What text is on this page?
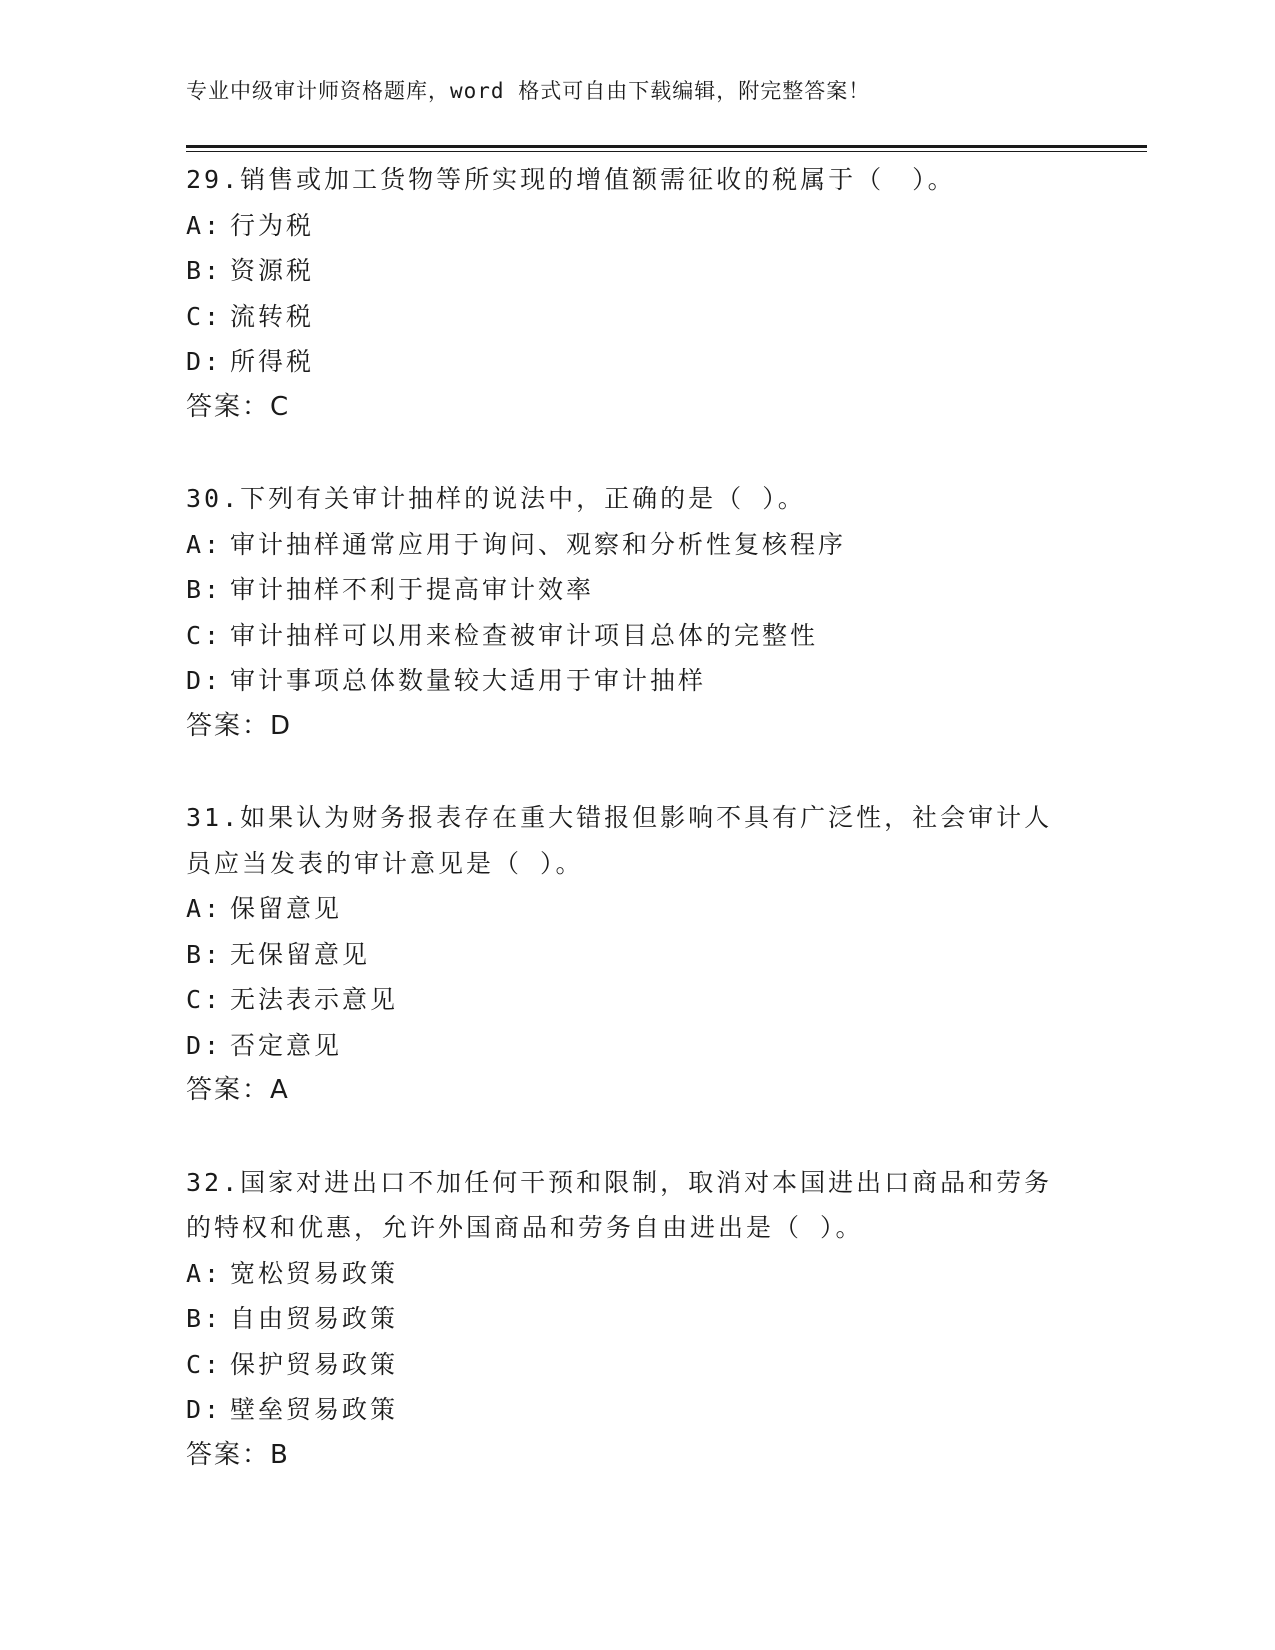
专业中级审计师资格题库，word 格式可自由下载编辑，附完整答案！
29.销售或加工货物等所实现的增值额需征收的税属于（　）。
A: 行为税
B: 资源税
C: 流转税
D: 所得税
答案：C
30.下列有关审计抽样的说法中，正确的是（ ）。
A: 审计抽样通常应用于询问、观察和分析性复核程序
B: 审计抽样不利于提高审计效率
C: 审计抽样可以用来检查被审计项目总体的完整性
D: 审计事项总体数量较大适用于审计抽样
答案：D
31.如果认为财务报表存在重大错报但影响不具有广泛性，社会审计人
员应当发表的审计意见是（ ）。
A: 保留意见
B: 无保留意见
C: 无法表示意见
D: 否定意见
答案：A
32.国家对进出口不加任何干预和限制，取消对本国进出口商品和劳务
的特权和优惠，允许外国商品和劳务自由进出是（ ）。
A: 宽松贸易政策
B: 自由贸易政策
C: 保护贸易政策
D: 壁垒贸易政策
答案：B
